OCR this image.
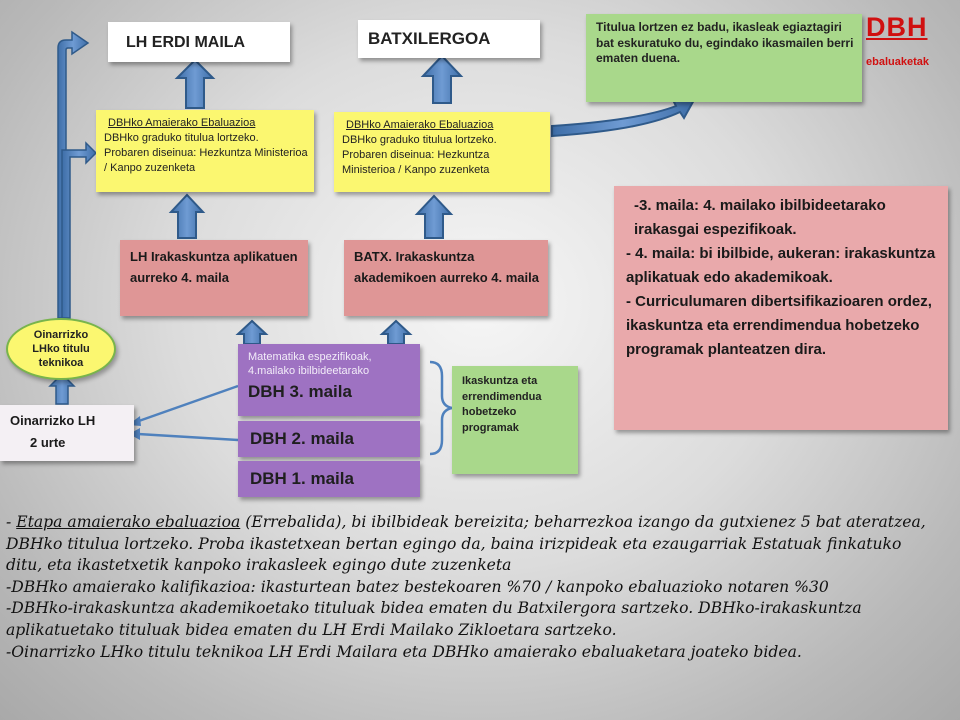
LH ERDI MAILA	BATXILERGOA
Titulua lortzen ez badu, ikasleak egiaztagiri bat eskuratuko du, egindako ikasmailen berri ematen duena.
DBH
ebaluaketak
DBHko Amaierako Ebaluazioa
DBHko graduko titulua lortzeko.
Probaren diseinua: Hezkuntza Ministerioa / Kanpo zuzenketa
DBHko Amaierako Ebaluazioa
DBHko graduko titulua lortzeko.
Probaren diseinua: Hezkuntza Ministerioa / Kanpo zuzenketa
LH Irakaskuntza aplikatuen aurreko 4. maila
BATX. Irakaskuntza akademikoen aurreko 4. maila
-3. maila: 4. mailako ibilbideetarako irakasgai espezifikoak.
- 4. maila: bi ibilbide, aukeran: irakaskuntza aplikatuak edo akademikoak.
- Curriculumaren dibertsifikazioaren ordez, ikaskuntza eta errendimendua hobetzeko programak planteatzen dira.
Oinarrizko LHko titulu teknikoa
Oinarrizko LH
2 urte
Matematika espezifikoak, 4.mailako ibilbideetarako
DBH 3. maila
DBH 2. maila
DBH 1. maila
Ikaskuntza eta errendimendua hobetzeko programak

- Etapa amaierako ebaluazioa (Errebalida), bi ibilbideak bereizita; beharrezkoa izango da gutxienez 5 bat ateratzea, DBHko titulua lortzeko. Proba ikastetxean bertan egingo da, baina irizpideak eta ezaugarriak Estatuak finkatuko ditu, eta ikastetxetik kanpoko irakasleek egingo dute zuzenketa

-DBHko amaierako kalifikazioa: ikasturtean batez bestekoaren %70 / kanpoko ebaluazioko notaren %30

-DBHko-irakaskuntza akademikoetako tituluak bidea ematen du Batxilergora sartzeko. DBHko-irakaskuntza aplikatuetako tituluak bidea ematen du LH Erdi Mailako Zikloetara sartzeko.

-Oinarrizko LHko titulu teknikoa LH Erdi Mailara eta DBHko amaierako ebaluaketara joateko bidea.
